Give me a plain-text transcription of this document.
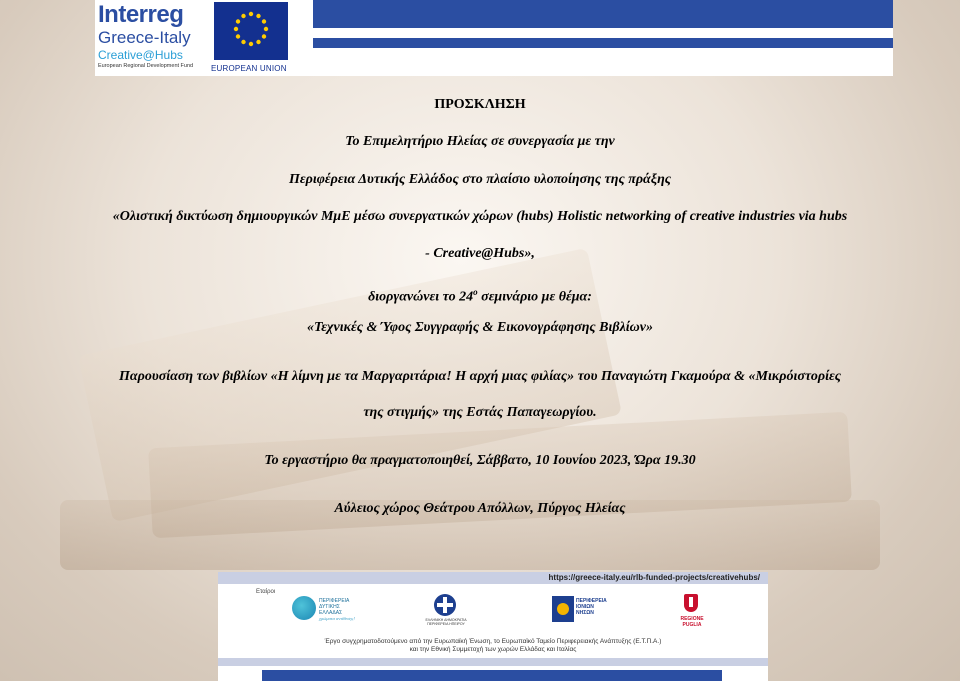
Interreg
Greece-Italy
Creative@Hubs
European Regional Development Fund	EUROPEAN UNION
ΠΡΟΣΚΛΗΣΗ
Το Επιμελητήριο Ηλείας σε συνεργασία με την
Περιφέρεια Δυτικής Ελλάδος στο πλαίσιο υλοποίησης της πράξης
«Ολιστική δικτύωση δημιουργικών ΜμΕ μέσω συνεργατικών χώρων (hubs) Holistic networking of creative industries via hubs
- Creative@Hubs»,
διοργανώνει το $24^o$ σεμινάριο με θέμα:
«Τεχνικές & Ύφος Συγγραφής & Εικονογράφησης Βιβλίων»
Παρουσίαση των βιβλίων «Η λίμνη με τα Μαργαριτάρια! Η αρχή μιας φιλίας» του Παναγιώτη Γκαμούρα & «Μικρόιστορίες
της στιγμής» της Εστάς Παπαγεωργίου.
Το εργαστήριο θα πραγματοποιηθεί, Σάββατο, 10 Ιουνίου 2023, Ώρα 19.30
Αύλειος χώρος Θεάτρου Απόλλων, Πύργος Ηλείας
https://greece-italy.eu/rlb-funded-projects/creativehubs/
Εταίροι
ΠΕΡΙΦΕΡΕΙΑ
ΔΥΤΙΚΗΣ
ΕΛΛΑΔΑΣ
χρώματα αντίθεσης!	ΕΛΛΗΝΙΚΗ ΔΗΜΟΚΡΑΤΙΑ ΠΕΡΙΦΕΡΕΙΑ ΗΠΕΙΡΟΥ
ΠΕΡΙΦΕΡΕΙΑ
ΙΟΝΙΩΝ
ΝΗΣΩΝ
REGIONE PUGLIA
Έργο συγχρηματοδοτούμενο από την Ευρωπαϊκή Ένωση, το Ευρωπαϊκό Ταμείο Περιφερειακής Ανάπτυξης (Ε.Τ.Π.Α.)
και την Εθνική Συμμετοχή των χωρών Ελλάδας και Ιταλίας
